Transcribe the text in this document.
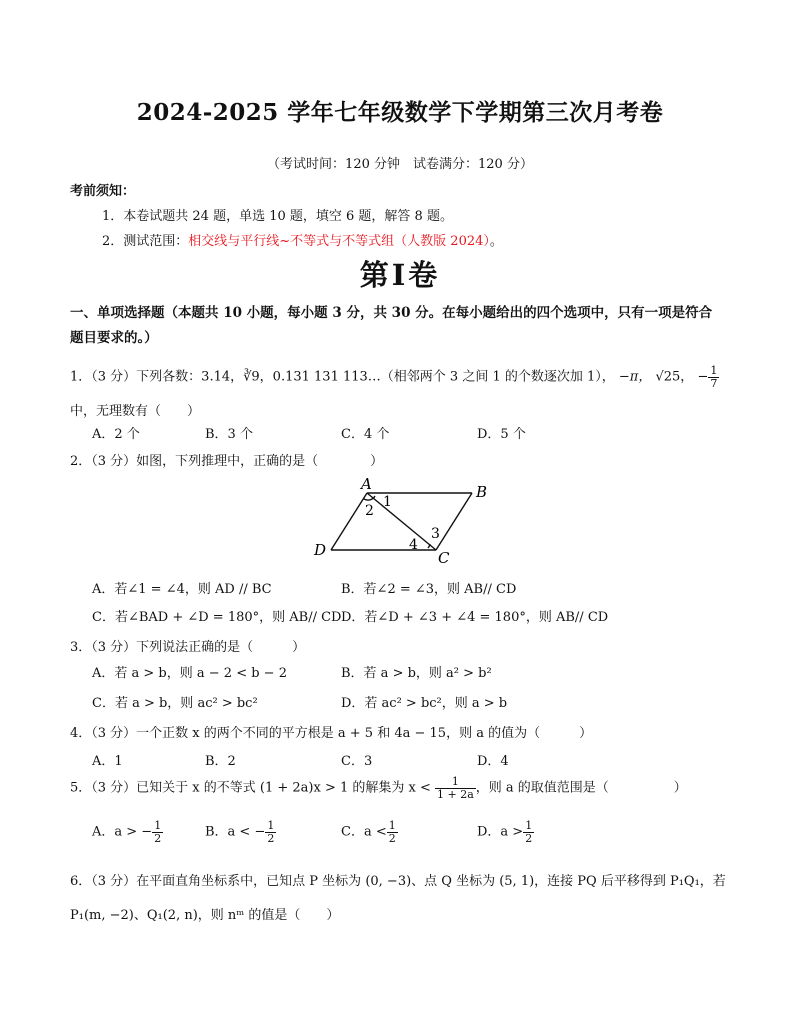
2024-2025 学年七年级数学下学期第三次月考卷
（考试时间：120 分钟　试卷满分：120 分）
考前须知：
1．本卷试题共 24 题，单选 10 题，填空 6 题，解答 8 题。
2．测试范围：相交线与平行线~不等式与不等式组（人教版 2024）。
第Ⅰ卷
一、单项选择题（本题共 10 小题，每小题 3 分，共 30 分。在每小题给出的四个选项中，只有一项是符合
题目要求的。）
1．（3 分）下列各数：3.14，∛9，0.131 131 113…（相邻两个 3 之间 1 的个数逐次加 1）， −π， √25， − $\frac{1}{7}$
中，无理数有（　　）
A．2 个	B．3 个	C．4 个	D．5 个
2．（3 分）如图，下列推理中，正确的是（　　　　）
A	B
C
D
1
2
3
4
A．若∠1 = ∠4，则 AD // BC	B．若∠2 = ∠3，则 AB// CD
C．若∠BAD + ∠D = 180°，则 AB// CD D．若∠D + ∠3 + ∠4 = 180°，则 AB// CD
3．（3 分）下列说法正确的是（　　　）
A．若 a > b，则 a − 2 < b − 2	B．若 a > b，则 a² > b²
C．若 a > b，则 ac² > bc²	D．若 ac² > bc²，则 a > b
4．（3 分）一个正数 x 的两个不同的平方根是 a + 5 和 4a − 15，则 a 的值为（　　　）
A．1	B．2	C．3	D．4
5．（3 分）已知关于 x 的不等式 (1 + 2a)x > 1 的解集为 $x < \frac{1}{1 + 2a}$ ，则 a 的取值范围是（　　　　　）
A．a > − $\frac{1}{2}$	B．a < − $\frac{1}{2}$	C．$a < \frac{1}{2}$	D．$a > \frac{1}{2}$
6．（3 分）在平面直角坐标系中，已知点 P 坐标为 (0, −3)、点 Q 坐标为 (5, 1)，连接 PQ 后平移得到 P₁Q₁，若
P₁(m, −2)、Q₁(2, n)，则 nᵐ 的值是（　　）
